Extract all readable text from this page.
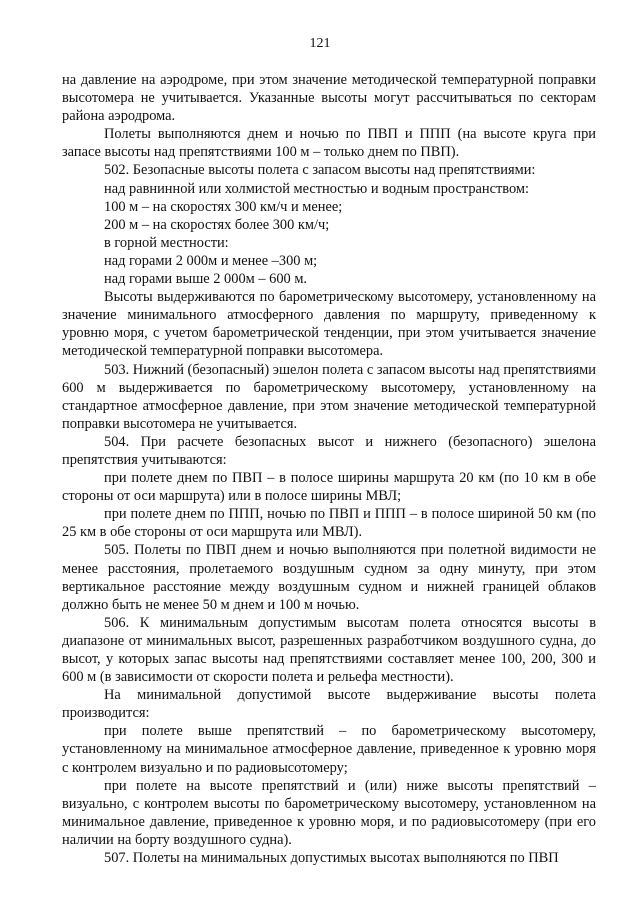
121

на давление на аэродроме, при этом значение методической температурной поправки высотомера не учитывается. Указанные высоты могут рассчитываться по секторам района аэродрома.

Полеты выполняются днем и ночью по ПВП и ППП (на высоте круга при запасе высоты над препятствиями 100 м – только днем по ПВП).

502. Безопасные высоты полета с запасом высоты над препятствиями:

над равнинной или холмистой местностью и водным пространством:

100 м – на скоростях 300 км/ч и менее;

200 м – на скоростях более 300 км/ч;

в горной местности:

над горами 2 000м и менее –300 м;

над горами выше 2 000м – 600 м.

Высоты выдерживаются по барометрическому высотомеру, установленному на значение минимального атмосферного давления по маршруту, приведенному к уровню моря, с учетом барометрической тенденции, при этом учитывается значение методической температурной поправки высотомера.

503. Нижний (безопасный) эшелон полета с запасом высоты над препятствиями 600 м выдерживается по барометрическому высотомеру, установленному на стандартное атмосферное давление, при этом значение методической температурной поправки высотомера не учитывается.

504. При расчете безопасных высот и нижнего (безопасного) эшелона препятствия учитываются:

при полете днем по ПВП – в полосе ширины маршрута 20 км (по 10 км в обе стороны от оси маршрута) или в полосе ширины МВЛ;

при полете днем по ППП, ночью по ПВП и ППП – в полосе шириной 50 км (по 25 км в обе стороны от оси маршрута или МВЛ).

505. Полеты по ПВП днем и ночью выполняются при полетной видимости не менее расстояния, пролетаемого воздушным судном за одну минуту, при этом вертикальное расстояние между воздушным судном и нижней границей облаков должно быть не менее 50 м днем и 100 м ночью.

506. К минимальным допустимым высотам полета относятся высоты в диапазоне от минимальных высот, разрешенных разработчиком воздушного судна, до высот, у которых запас высоты над препятствиями составляет менее 100, 200, 300 и 600 м (в зависимости от скорости полета и рельефа местности).

На минимальной допустимой высоте выдерживание высоты полета производится:

при полете выше препятствий – по барометрическому высотомеру, установленному на минимальное атмосферное давление, приведенное к уровню моря с контролем визуально и по радиовысотомеру;

при полете на высоте препятствий и (или) ниже высоты препятствий – визуально, с контролем высоты по барометрическому высотомеру, установленном на минимальное давление, приведенное к уровню моря, и по радиовысотомеру (при его наличии на борту воздушного судна).

507. Полеты на минимальных допустимых высотах выполняются по ПВП
